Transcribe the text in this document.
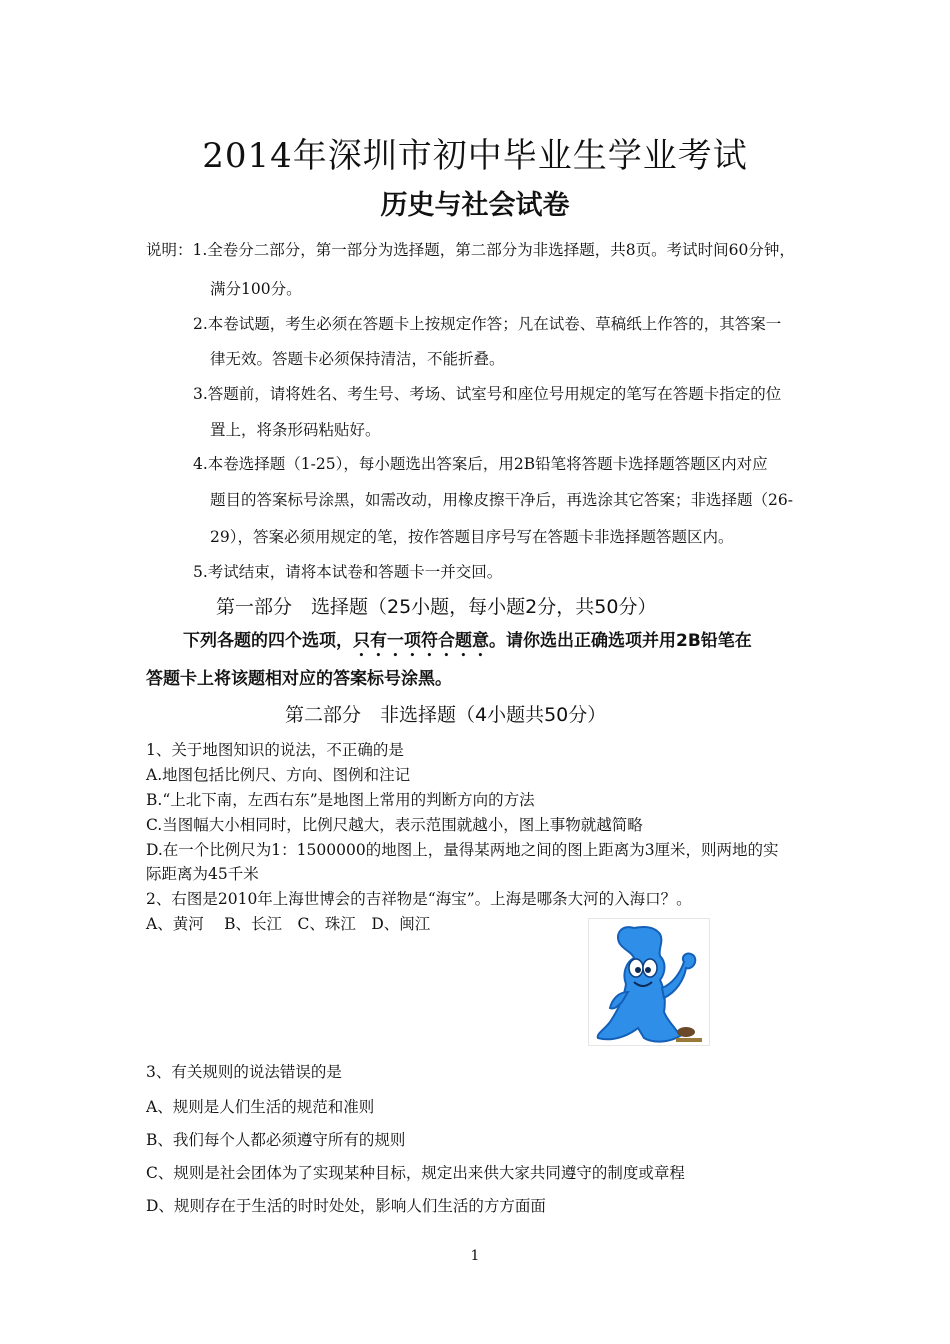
2014年深圳市初中毕业生学业考试
历史与社会试卷
说明：1.全卷分二部分，第一部分为选择题，第二部分为非选择题，共8页。考试时间60分钟，
满分100分。
2.本卷试题，考生必须在答题卡上按规定作答；凡在试卷、草稿纸上作答的，其答案一
律无效。答题卡必须保持清洁，不能折叠。
3.答题前，请将姓名、考生号、考场、试室号和座位号用规定的笔写在答题卡指定的位
置上，将条形码粘贴好。
4.本卷选择题（1-25），每小题选出答案后，用2B铅笔将答题卡选择题答题区内对应
题目的答案标号涂黑，如需改动，用橡皮擦干净后，再选涂其它答案；非选择题（26-
29），答案必须用规定的笔，按作答题目序号写在答题卡非选择题答题区内。
5.考试结束，请将本试卷和答题卡一并交回。
第一部分　选择题（25小题，每小题2分，共50分）
下列各题的四个选项，只有一项符合题意。请你选出正确选项并用2B铅笔在
答题卡上将该题相对应的答案标号涂黑。
第二部分　非选择题（4小题共50分）
1、关于地图知识的说法，不正确的是
A.地图包括比例尺、方向、图例和注记
B.“上北下南，左西右东”是地图上常用的判断方向的方法
C.当图幅大小相同时，比例尺越大，表示范围就越小，图上事物就越简略
D.在一个比例尺为1：1500000的地图上，量得某两地之间的图上距离为3厘米，则两地的实
际距离为45千米
2、右图是2010年上海世博会的吉祥物是“海宝”。上海是哪条大河的入海口？。
A、黄河　 B、长江　C、珠江　D、闽江
3、有关规则的说法错误的是
A、规则是人们生活的规范和准则
B、我们每个人都必须遵守所有的规则
C、规则是社会团体为了实现某种目标，规定出来供大家共同遵守的制度或章程
D、规则存在于生活的时时处处，影响人们生活的方方面面
1
